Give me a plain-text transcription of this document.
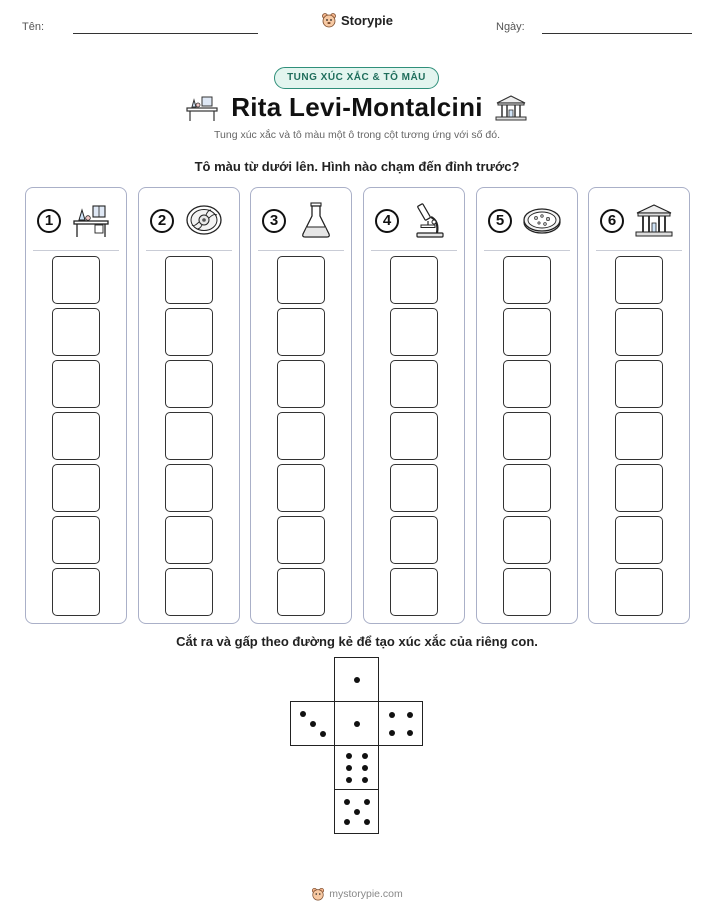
Tên:	Ngày:
Storypie
TUNG XÚC XẮC & TÔ MÀU
Rita Levi-Montalcini
Tung xúc xắc và tô màu một ô trong cột tương ứng với số đó.
Tô màu từ dưới lên. Hình nào chạm đến đỉnh trước?
1	2	3	4	5	6
Cắt ra và gấp theo đường kẻ để tạo xúc xắc của riêng con.
mystorypie.com
